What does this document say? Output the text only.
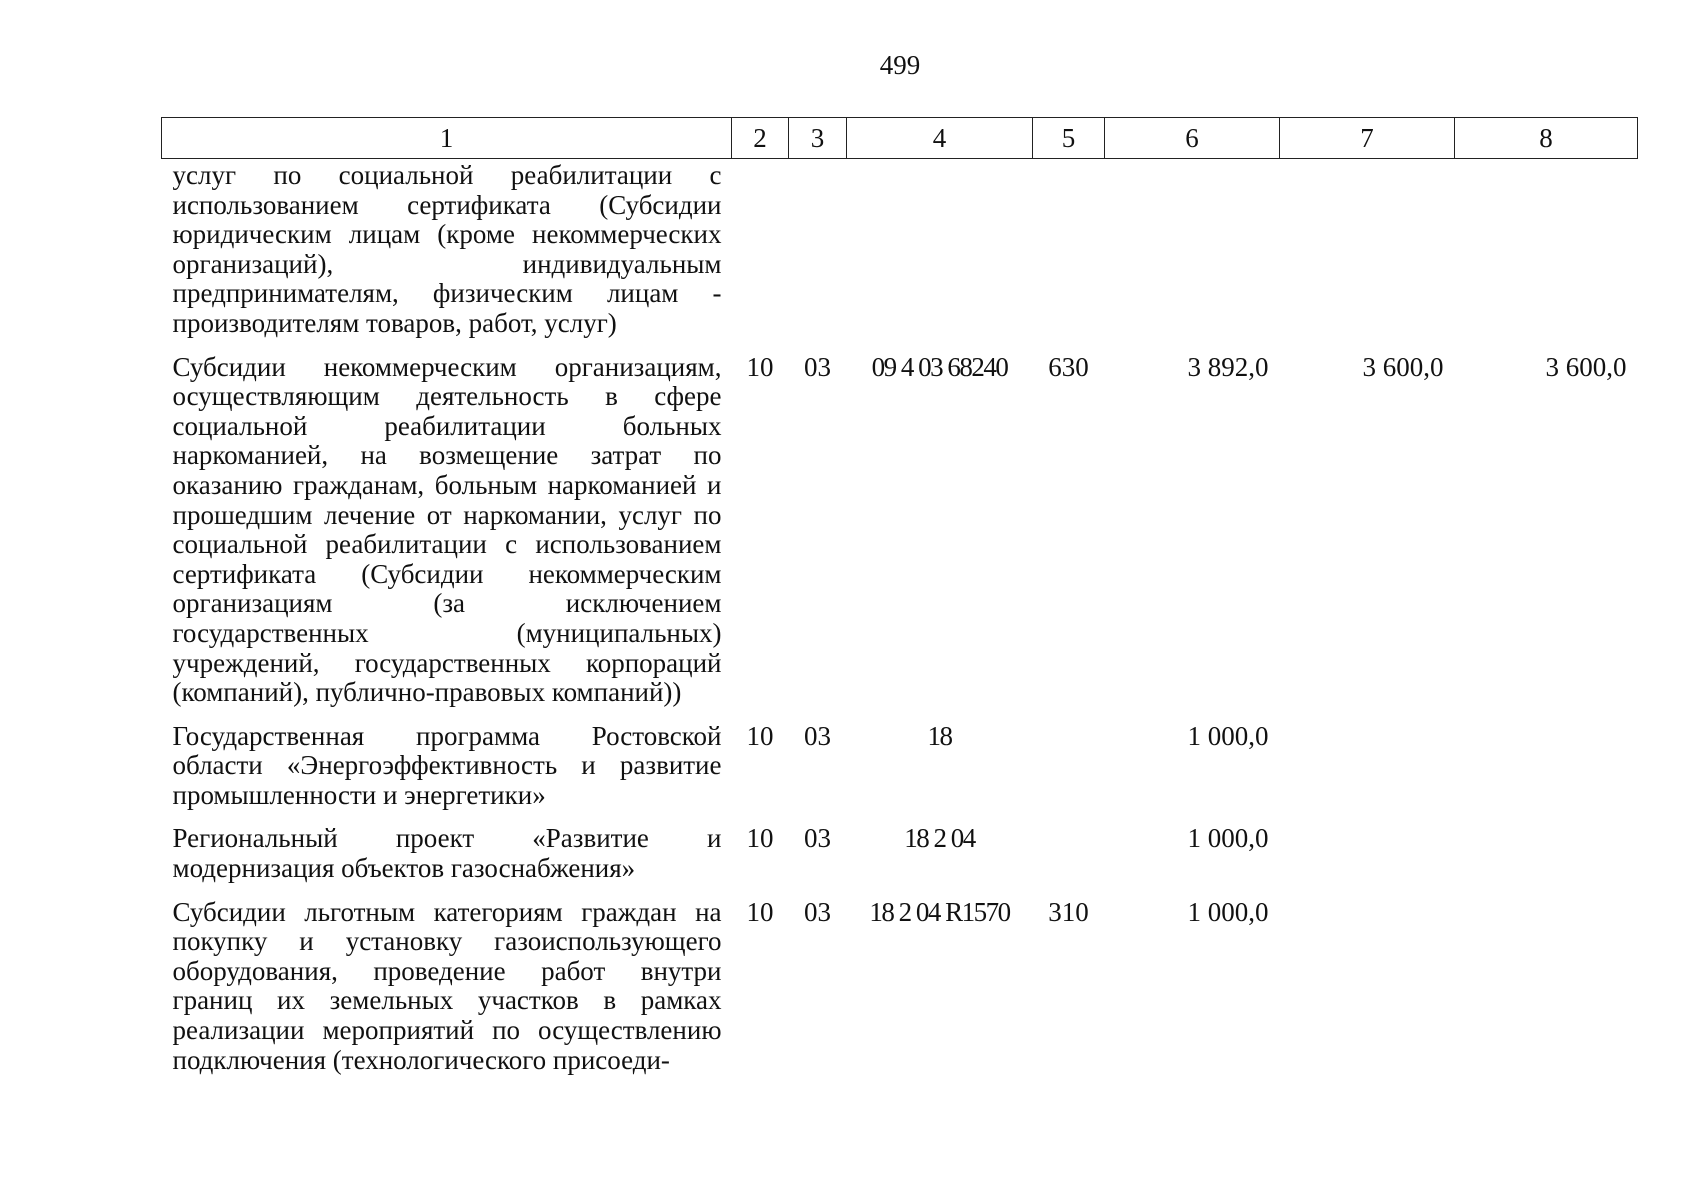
499
1	2	3	4	5	6	7	8
услуг по социальной реабилитации с использованием сертификата (Субсидии юридическим лицам (кроме некоммерческих организаций), индивидуальным предпринимателям, физическим лицам - производителям товаров, работ, услуг)							
Субсидии некоммерческим организациям, осуществляющим деятельность в сфере социальной реабилитации больных наркоманией, на возмещение затрат по оказанию гражданам, больным наркоманией и прошедшим лечение от наркомании, услуг по социальной реабилитации с использованием сертификата (Субсидии некоммерческим организациям (за исключением государственных (муниципальных) учреждений, государственных корпораций (компаний), публично-правовых компаний))	10	03	09 4 03 68240	630	3 892,0	3 600,0	3 600,0
Государственная программа Ростовской области «Энергоэффективность и развитие промышленности и энергетики»	10	03	18		1 000,0		
Региональный проект «Развитие и модернизация объектов газоснабжения»	10	03	18 2 04		1 000,0		
Субсидии льготным категориям граждан на покупку и установку газоиспользующего оборудования, проведение работ внутри границ их земельных участков в рамках реализации мероприятий по осуществлению подключения (технологического присоеди-	10	03	18 2 04 R1570	310	1 000,0		
